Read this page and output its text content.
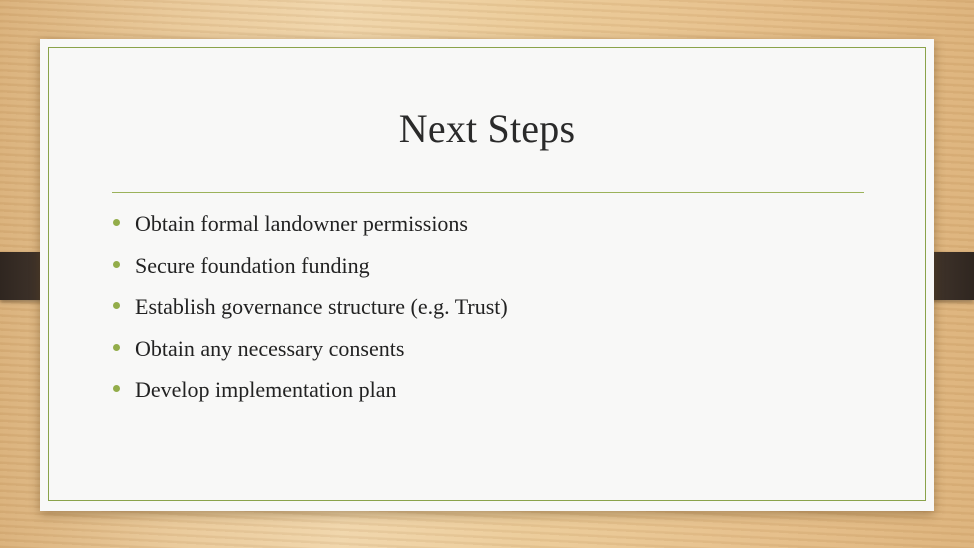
Next Steps
Obtain formal landowner permissions
Secure foundation funding
Establish governance structure (e.g. Trust)
Obtain any necessary consents
Develop implementation plan
